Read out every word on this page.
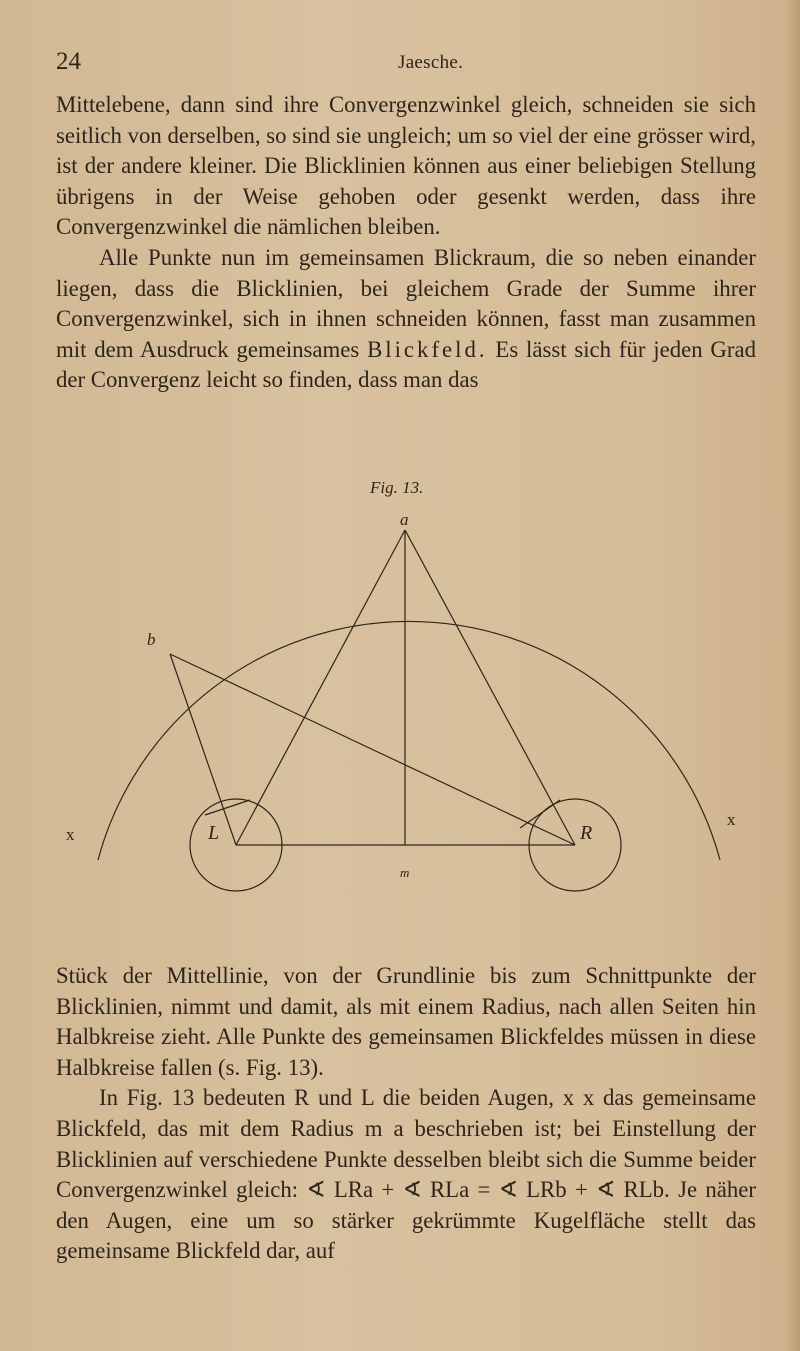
24	Jaesche.

Mittelebene, dann sind ihre Convergenzwinkel gleich, schneiden sie sich seitlich von derselben, so sind sie ungleich; um so viel der eine grösser wird, ist der andere kleiner. Die Blicklinien können aus einer beliebigen Stellung übrigens in der Weise gehoben oder gesenkt werden, dass ihre Convergenzwinkel die nämlichen bleiben.

Alle Punkte nun im gemeinsamen Blickraum, die so neben einander liegen, dass die Blicklinien, bei gleichem Grade der Summe ihrer Convergenzwinkel, sich in ihnen schneiden können, fasst man zusammen mit dem Ausdruck gemeinsames Blickfeld. Es lässt sich für jeden Grad der Convergenz leicht so finden, dass man das

Fig. 13.
a
b
x
x
L	R
m

Stück der Mittellinie, von der Grundlinie bis zum Schnittpunkte der Blicklinien, nimmt und damit, als mit einem Radius, nach allen Seiten hin Halbkreise zieht. Alle Punkte des gemeinsamen Blickfeldes müssen in diese Halbkreise fallen (s. Fig. 13).

In Fig. 13 bedeuten R und L die beiden Augen, x x das gemeinsame Blickfeld, das mit dem Radius m a beschrieben ist; bei Einstellung der Blicklinien auf verschiedene Punkte desselben bleibt sich die Summe beider Convergenzwinkel gleich: ∢ LRa + ∢ RLa = ∢ LRb + ∢ RLb. Je näher den Augen, eine um so stärker gekrümmte Kugelfläche stellt das gemeinsame Blickfeld dar, auf
